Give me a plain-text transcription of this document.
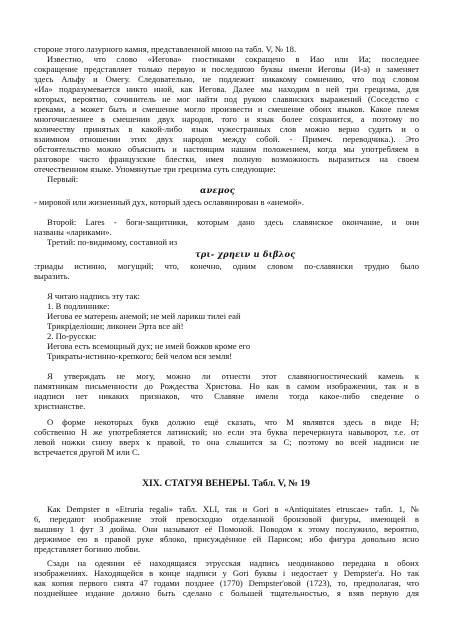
стороне этого лазурного камня, представленной мною на табл. V, № 18.
Известно, что слово «Иегова» гностиками сокращено в Иао или Иа; последнее
сокращение представляет только первую и последнюю буквы имени Иеговы (И-а) и заменяет
здесь Альфу и Омегу. Следовательно, не подлежит никакому сомнению, что под словом
«Иа» подразумевается никто иной, как Иегова. Далее мы находим в ней три грецизма, для
которых, вероятно, сочинитель не мог найти под рукою славянских выражений (Соседство с
греками, а может быть и смешение могло произвести и смешение обоих языков. Какое племя
многочисленнее в смешении двух народов, того и язык более сохранится, а поэтому по
количеству принятых в какой-либо язык чужестранных слов можно верно судить и о
взаимном отношении этих двух народов между собой. - Примеч. переводчика.). Это
обстоятельство можно объяснить и настоящим нашим положением, когда мы употребляем в
разговоре часто французские блестки, имея полную возможность выразиться на своем
отечественном языке. Упомянутые три грецизма суть следующие:
Первый:
ανεμος
- мировой или жизненный дух, который здесь ославянирован в «анемой».
Второй: Lares - боги-защитники, которым дано здесь славянское окончание, и они
названы «лариками».
Третий: по-видимому, составной из
τρι- χρηειν и διβλος
:триады истинно, могущий; что, конечно, одним словом по-славянски трудно было
выразить.
Я читаю надпись эту так:
1. В подлиннике:
Иегова ее матерень анемой; не мей ларикш тилеі еай
Трикріделіоши; ликонеи Эрта все ай!
2. По-русски:
Иегова есть всемощный дух; не имей божков кроме его
Трикраты-истинно-крепкого; бей челом вся земля!
Я утверждать не могу, можно ли отнести этот славяногностический камень к
памятникам письменности до Рождества Христова. Но как в самом изображении, так и в
надписи нет никаких признаков, что Славяне имели тогда какое-либо сведение о
христианстве.
О форме некоторых букв должно ещё сказать, что М являвтся здесь в виде Н;
собственно Н же употребляется латинский; но если эта буква перечеркнута навыворот, т.е. от
левой ножки снизу вверх к правой, то она слышится за С; поэтому во всей надписи не
встречается другой М или С.
XIX. СТАТУЯ ВЕНЕРЫ. Табл. V, № 19
Как Dempster в «Etruria regali» табл. XLI, так и Gori в «Antiquitates etruscae» табл. 1, №
6, передают изображение этой превосходно отделанной бронзовой фигуры, имеющей в
вышину 1 фут 3 дюйма. Они называют её Помоной. Поводом к этому послужило, вероятно,
держимое ею в правой руке яблоко, присуждённое ей Парисом; ибо фигура довольно ясно
представляет богиню любви.
Сзади на одеянии её находящаяся этрусская надпись неодинаково передана в обоих
изображениях. Находящейся в конце надписи у Gori буквы і недостает у Dempster'а. Но так
как копия первого снята 47 годами позднее (1770) Dempster'овой (1723), то, предполагая, что
позднейшее издание должно быть сделано с большей тщательностью, я взяв первую для
